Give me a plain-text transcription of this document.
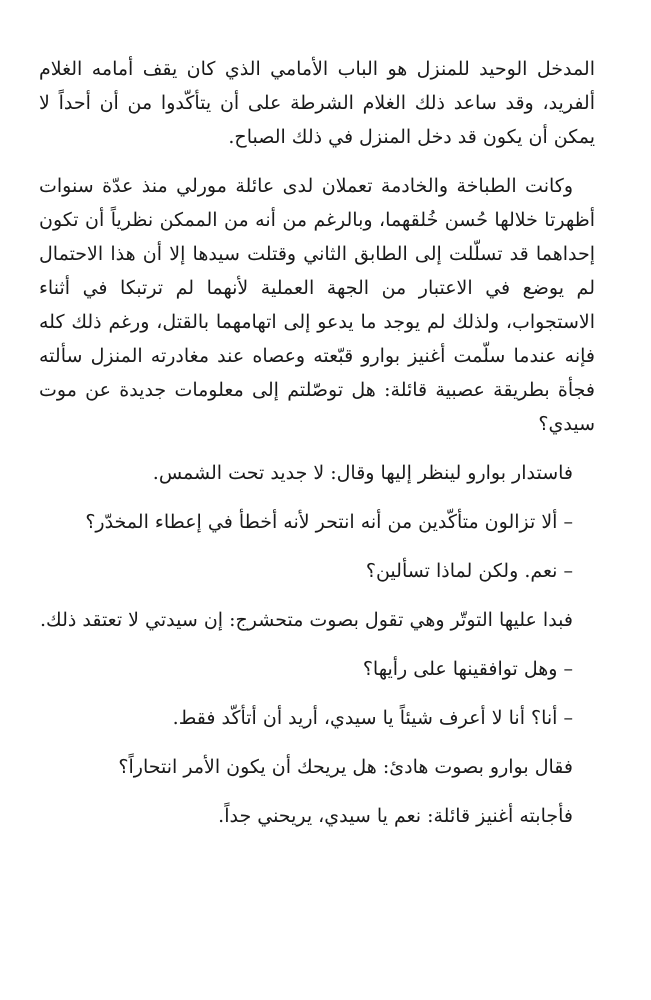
المدخل الوحيد للمنزل هو الباب الأمامي الذي كان يقف أمامه الغلام ألفريد، وقد ساعد ذلك الغلام الشرطة على أن يتأكّدوا من أن أحداً لا يمكن أن يكون قد دخل المنزل في ذلك الصباح.

وكانت الطباخة والخادمة تعملان لدى عائلة مورلي منذ عدّة سنوات أظهرتا خلالها حُسن خُلقهما، وبالرغم من أنه من الممكن نظرياً أن تكون إحداهما قد تسلّلت إلى الطابق الثاني وقتلت سيدها إلا أن هذا الاحتمال لم يوضع في الاعتبار من الجهة العملية لأنهما لم ترتبكا في أثناء الاستجواب، ولذلك لم يوجد ما يدعو إلى اتهامهما بالقتل، ورغم ذلك كله فإنه عندما سلّمت أغنيز بوارو قبّعته وعصاه عند مغادرته المنزل سألته فجأة بطريقة عصبية قائلة: هل توصّلتم إلى معلومات جديدة عن موت سيدي؟

فاستدار بوارو لينظر إليها وقال: لا جديد تحت الشمس.

– ألا تزالون متأكّدين من أنه انتحر لأنه أخطأ في إعطاء المخدّر؟

– نعم. ولكن لماذا تسألين؟

فبدا عليها التوتّر وهي تقول بصوت متحشرج: إن سيدتي لا تعتقد ذلك.

– وهل توافقينها على رأيها؟

– أنا؟ أنا لا أعرف شيئاً يا سيدي، أريد أن أتأكّد فقط.

فقال بوارو بصوت هادئ: هل يريحك أن يكون الأمر انتحاراً؟

فأجابته أغنيز قائلة: نعم يا سيدي، يريحني جداً.
